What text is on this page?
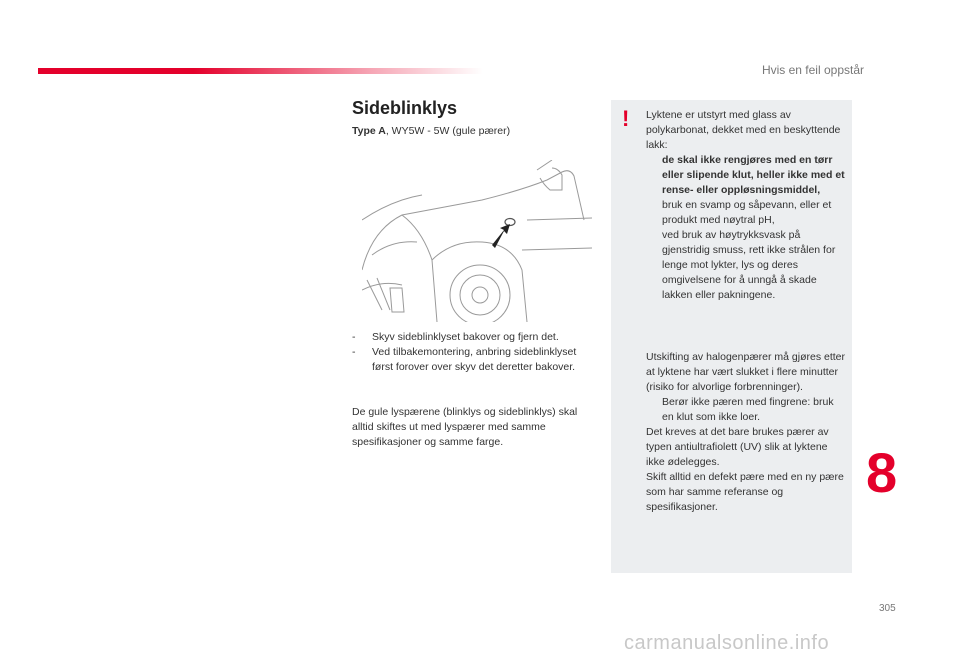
Hvis en feil oppstår
Sideblinklys
Type A, WY5W - 5W (gule pærer)
-	Skyv sideblinklyset bakover og fjern det.
-	Ved tilbakemontering, anbring sideblinklyset først forover over skyv det deretter bakover.
De gule lyspærene (blinklys og sideblinklys) skal alltid skiftes ut med lyspærer med samme spesifikasjoner og samme farge.
! Lyktene er utstyrt med glass av polykarbonat, dekket med en beskyttende lakk:
de skal ikke rengjøres med en tørr eller slipende klut, heller ikke med et rense- eller oppløsningsmiddel,
bruk en svamp og såpevann, eller et produkt med nøytral pH,
ved bruk av høytrykksvask på gjenstridig smuss, rett ikke strålen for lenge mot lykter, lys og deres omgivelsene for å unngå å skade lakken eller pakningene.
Utskifting av halogenpærer må gjøres etter at lyktene har vært slukket i flere minutter (risiko for alvorlige forbrenninger).
Berør ikke pæren med fingrene: bruk en klut som ikke loer.
Det kreves at det bare brukes pærer av typen antiultrafiolett (UV) slik at lyktene ikke ødelegges.
Skift alltid en defekt pære med en ny pære som har samme referanse og spesifikasjoner.
8
305
carmanualsonline.info
